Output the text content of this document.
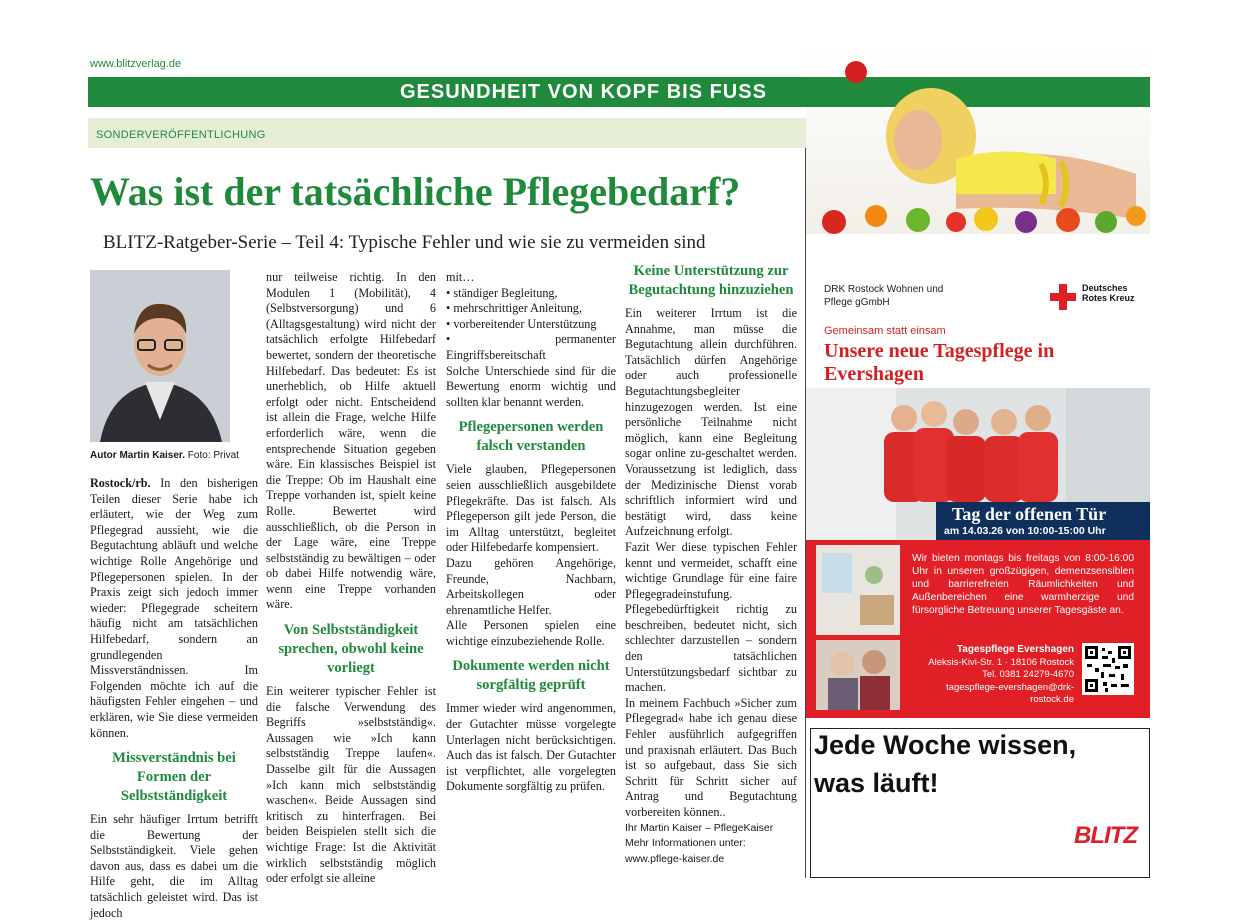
www.blitzverlag.de
GESUNDHEIT VON KOPF BIS FUSS
SONDERVERÖFFENTLICHUNG
Was ist der tatsächliche Pflegebedarf?
BLITZ-Ratgeber-Serie – Teil 4: Typische Fehler und wie sie zu vermeiden sind
Autor Martin Kaiser. Foto: Privat

Rostock/rb. In den bisherigen Teilen dieser Serie habe ich erläutert, wie der Weg zum Pflegegrad aussieht, wie die Begutachtung abläuft und welche wichtige Rolle Angehörige und Pflegepersonen spielen. In der Praxis zeigt sich jedoch immer wieder: Pflegegrade scheitern häufig nicht am tatsächlichen Hilfebedarf, sondern an grundlegenden Missverständnissen. Im Folgenden möchte ich auf die häufigsten Fehler eingehen – und erklären, wie Sie diese vermeiden können.

Missverständnis bei Formen der Selbstständigkeit

Ein sehr häufiger Irrtum betrifft die Bewertung der Selbstständigkeit. Viele gehen davon aus, dass es dabei um die Hilfe geht, die im Alltag tatsächlich geleistet wird. Das ist jedoch

nur teilweise richtig. In den Modulen 1 (Mobilität), 4 (Selbstversorgung) und 6 (Alltagsgestaltung) wird nicht der tatsächlich erfolgte Hilfebedarf bewertet, sondern der theoretische Hilfebedarf. Das bedeutet: Es ist unerheblich, ob Hilfe aktuell erfolgt oder nicht. Entscheidend ist allein die Frage, welche Hilfe erforderlich wäre, wenn die entsprechende Situation gegeben wäre. Ein klassisches Beispiel ist die Treppe: Ob im Haushalt eine Treppe vorhanden ist, spielt keine Rolle. Bewertet wird ausschließlich, ob die Person in der Lage wäre, eine Treppe selbstständig zu bewältigen – oder ob dabei Hilfe notwendig wäre, wenn eine Treppe vorhanden wäre.

Von Selbstständigkeit sprechen, obwohl keine vorliegt

Ein weiterer typischer Fehler ist die falsche Verwendung des Begriffs »selbstständig«. Aussagen wie »Ich kann selbstständig Treppe laufen«. Dasselbe gilt für die Aussagen »Ich kann mich selbstständig waschen«. Beide Aussagen sind kritisch zu hinterfragen. Bei beiden Beispielen stellt sich die wichtige Frage: Ist die Aktivität wirklich selbstständig möglich oder erfolgt sie alleine

mit…

• ständiger Begleitung,
• mehrschrittiger Anleitung,
• vorbereitender Unterstützung
• permanenter Eingriffsbereitschaft

Solche Unterschiede sind für die Bewertung enorm wichtig und sollten klar benannt werden.

Pflegepersonen werden falsch verstanden

Viele glauben, Pflegepersonen seien ausschließlich ausgebildete Pflegekräfte. Das ist falsch. Als Pflegeperson gilt jede Person, die im Alltag unterstützt, begleitet oder Hilfebedarfe kompensiert.

Dazu gehören Angehörige, Freunde, Nachbarn, Arbeitskollegen oder ehrenamtliche Helfer.

Alle Personen spielen eine wichtige einzubeziehende Rolle.

Dokumente werden nicht sorgfältig geprüft

Immer wieder wird angenommen, der Gutachter müsse vorgelegte Unterlagen nicht berücksichtigen. Auch das ist falsch. Der Gutachter ist verpflichtet, alle vorgelegten Dokumente sorgfältig zu prüfen.

Keine Unterstützung zur Begutachtung hinzuziehen

Ein weiterer Irrtum ist die Annahme, man müsse die Begutachtung allein durchführen. Tatsächlich dürfen Angehörige oder auch professionelle Begutachtungsbegleiter hinzugezogen werden. Ist eine persönliche Teilnahme nicht möglich, kann eine Begleitung sogar online zu-geschaltet werden. Voraussetzung ist lediglich, dass der Medizinische Dienst vorab schriftlich informiert wird und bestätigt wird, dass keine Aufzeichnung erfolgt.

Fazit Wer diese typischen Fehler kennt und vermeidet, schafft eine wichtige Grundlage für eine faire Pflegegradeinstufung. Pflegebedürftigkeit richtig zu beschreiben, bedeutet nicht, sich schlechter darzustellen – sondern den tatsächlichen Unterstützungsbedarf sichtbar zu machen.

In meinem Fachbuch »Sicher zum Pflegegrad« habe ich genau diese Fehler ausführlich aufgegriffen und praxisnah erläutert. Das Buch ist so aufgebaut, dass Sie sich Schritt für Schritt sicher auf Antrag und Begutachtung vorbereiten können..

Ihr Martin Kaiser – PflegeKaiser

Mehr Informationen unter: www.pflege-kaiser.de

DRK Rostock Wohnen und Pflege gGmbH
Deutsches Rotes Kreuz
Gemeinsam statt einsam
Unsere neue Tagespflege in Evershagen
Tag der offenen Tür
am 14.03.26 von 10:00-15:00 Uhr
Wir bieten montags bis freitags von 8:00-16:00 Uhr in unseren großzügigen, demenzsensiblen und barrierefreien Räumlichkeiten und Außenbereichen eine warmherzige und fürsorgliche Betreuung unserer Tagesgäste an.
Tagespflege Evershagen
Aleksis-Kivi-Str. 1 · 18106 Rostock
Tel. 0381 24279-4670
tagespflege-evershagen@drk-rostock.de
Jede Woche wissen,
was läuft!
BLITZ
